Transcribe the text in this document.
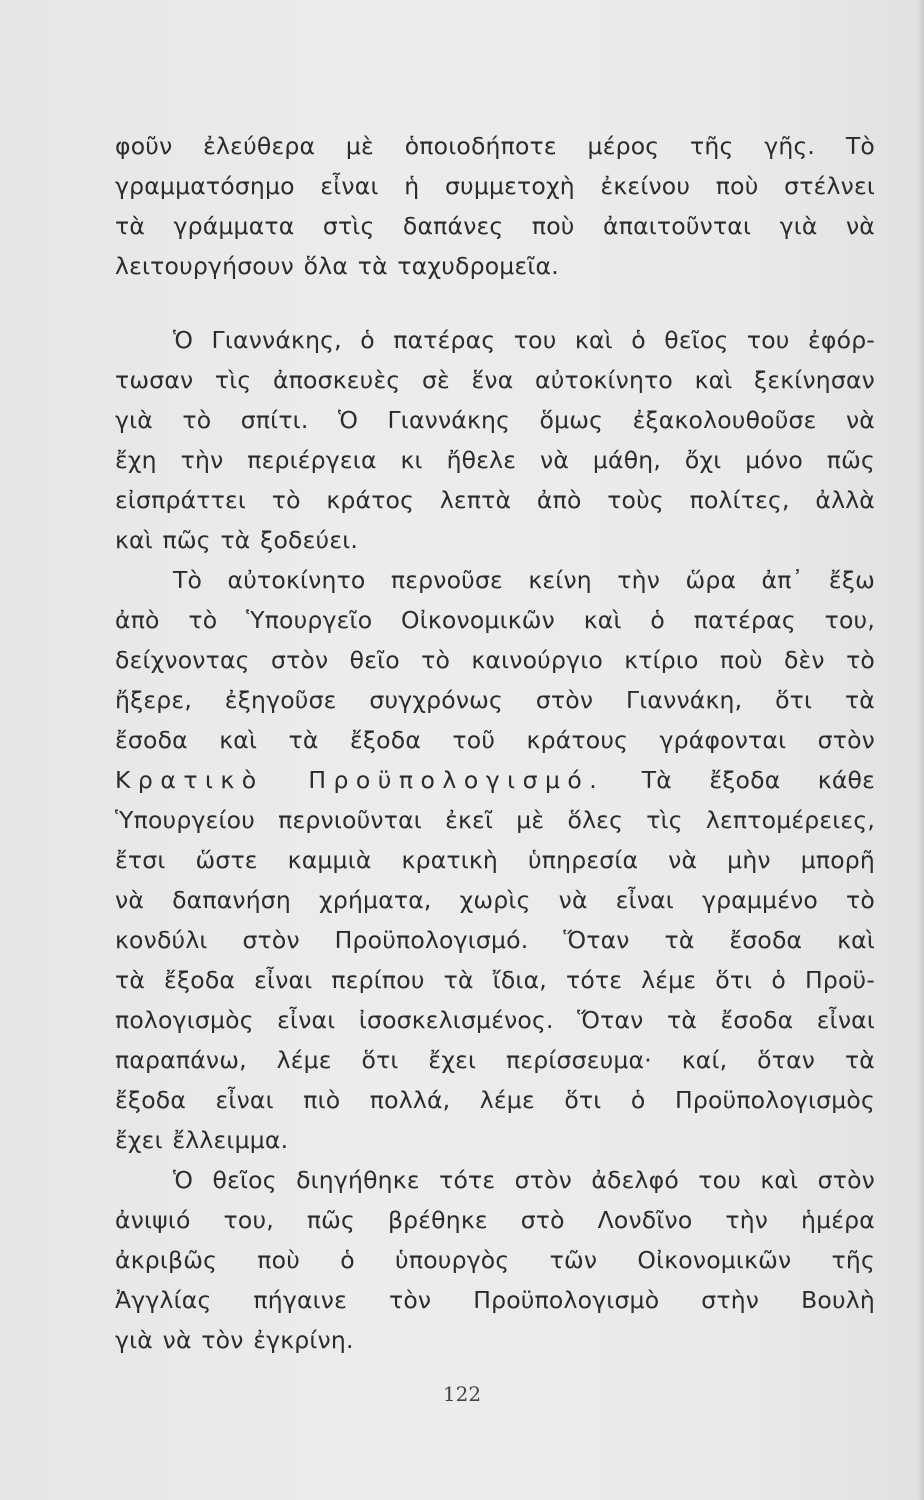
φοῦν ἐλεύθερα μὲ ὁποιοδήποτε μέρος τῆς γῆς. Τὸ
γραμματόσημο εἶναι ἡ συμμετοχὴ ἐκείνου ποὺ στέλνει
τὰ γράμματα στὶς δαπάνες ποὺ ἀπαιτοῦνται γιὰ νὰ
λειτουργήσουν ὅλα τὰ ταχυδρομεῖα.
Ὁ Γιαννάκης, ὁ πατέρας του καὶ ὁ θεῖος του ἐφόρ-
τωσαν τὶς ἀποσκευὲς σὲ ἕνα αὐτοκίνητο καὶ ξεκίνησαν
γιὰ τὸ σπίτι. Ὁ Γιαννάκης ὅμως ἐξακολουθοῦσε νὰ
ἔχη τὴν περιέργεια κι ἤθελε νὰ μάθη, ὄχι μόνο πῶς
εἰσπράττει τὸ κράτος λεπτὰ ἀπὸ τοὺς πολίτες, ἀλλὰ
καὶ πῶς τὰ ξοδεύει.
Τὸ αὐτοκίνητο περνοῦσε κείνη τὴν ὥρα ἀπ᾽ ἔξω
ἀπὸ τὸ Ὑπουργεῖο Οἰκονομικῶν καὶ ὁ πατέρας του,
δείχνοντας στὸν θεῖο τὸ καινούργιο κτίριο ποὺ δὲν τὸ
ἤξερε, ἐξηγοῦσε συγχρόνως στὸν Γιαννάκη, ὅτι τὰ
ἔσοδα καὶ τὰ ἔξοδα τοῦ κράτους γράφονται στὸν
Κρατικὸ Προϋπολογισμό. Τὰ ἔξοδα κάθε
Ὑπουργείου περνιοῦνται ἐκεῖ μὲ ὅλες τὶς λεπτομέρειες,
ἔτσι ὥστε καμμιὰ κρατικὴ ὑπηρεσία νὰ μὴν μπορῆ
νὰ δαπανήση χρήματα, χωρὶς νὰ εἶναι γραμμένο τὸ
κονδύλι στὸν Προϋπολογισμό. Ὅταν τὰ ἔσοδα καὶ
τὰ ἔξοδα εἶναι περίπου τὰ ἴδια, τότε λέμε ὅτι ὁ Προϋ-
πολογισμὸς εἶναι ἰσοσκελισμένος. Ὅταν τὰ ἔσοδα εἶναι
παραπάνω, λέμε ὅτι ἔχει περίσσευμα· καί, ὅταν τὰ
ἔξοδα εἶναι πιὸ πολλά, λέμε ὅτι ὁ Προϋπολογισμὸς
ἔχει ἔλλειμμα.
Ὁ θεῖος διηγήθηκε τότε στὸν ἀδελφό του καὶ στὸν
ἀνιψιό του, πῶς βρέθηκε στὸ Λονδῖνο τὴν ἡμέρα
ἀκριβῶς ποὺ ὁ ὑπουργὸς τῶν Οἰκονομικῶν τῆς
Ἀγγλίας πήγαινε τὸν Προϋπολογισμὸ στὴν Βουλὴ
γιὰ νὰ τὸν ἐγκρίνη.
122
